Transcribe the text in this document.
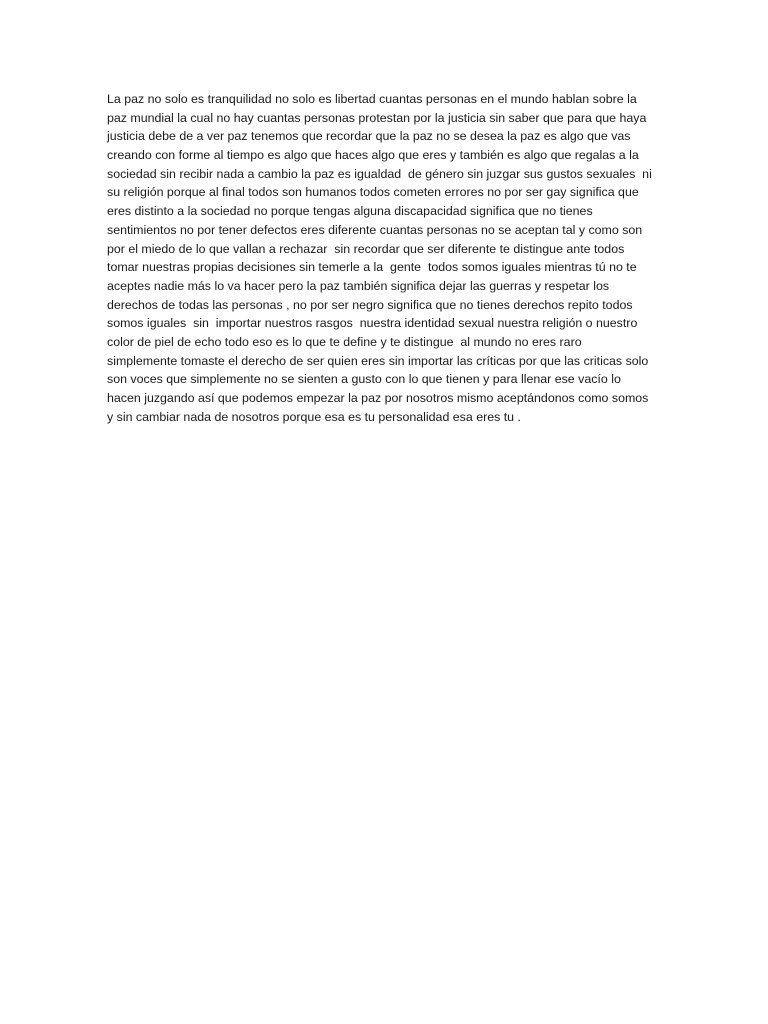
La paz no solo es tranquilidad no solo es libertad cuantas personas en el mundo hablan sobre la
paz mundial la cual no hay cuantas personas protestan por la justicia sin saber que para que haya
justicia debe de a ver paz tenemos que recordar que la paz no se desea la paz es algo que vas
creando con forme al tiempo es algo que haces algo que eres y también es algo que regalas a la
sociedad sin recibir nada a cambio la paz es igualdad  de género sin juzgar sus gustos sexuales  ni
su religión porque al final todos son humanos todos cometen errores no por ser gay significa que
eres distinto a la sociedad no porque tengas alguna discapacidad significa que no tienes
sentimientos no por tener defectos eres diferente cuantas personas no se aceptan tal y como son
por el miedo de lo que vallan a rechazar  sin recordar que ser diferente te distingue ante todos
tomar nuestras propias decisiones sin temerle a la  gente  todos somos iguales mientras tú no te
aceptes nadie más lo va hacer pero la paz también significa dejar las guerras y respetar los
derechos de todas las personas , no por ser negro significa que no tienes derechos repito todos
somos iguales  sin  importar nuestros rasgos  nuestra identidad sexual nuestra religión o nuestro
color de piel de echo todo eso es lo que te define y te distingue  al mundo no eres raro
simplemente tomaste el derecho de ser quien eres sin importar las críticas por que las criticas solo
son voces que simplemente no se sienten a gusto con lo que tienen y para llenar ese vacío lo
hacen juzgando así que podemos empezar la paz por nosotros mismo aceptándonos como somos
y sin cambiar nada de nosotros porque esa es tu personalidad esa eres tu .
